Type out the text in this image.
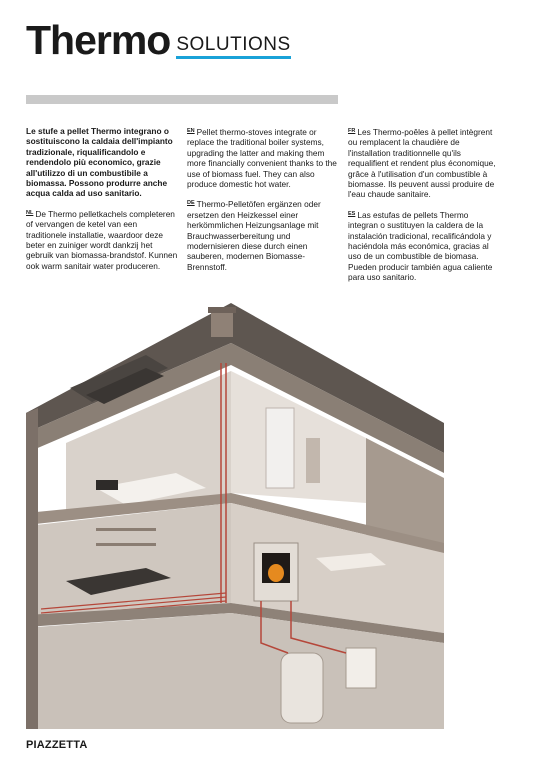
Thermo SOLUTIONS

Le stufe a pellet Thermo integrano o sostituiscono la caldaia dell'impianto tradizionale, riqualificandolo e rendendolo più economico, grazie all'utilizzo di un combustibile a biomassa. Possono produrre anche acqua calda ad uso sanitario.

$^{NL}$ De Thermo pelletkachels completeren of vervangen de ketel van een traditionele installatie, waardoor deze beter en zuiniger wordt dankzij het gebruik van biomassa-brandstof. Kunnen ook warm sanitair water produceren.

$^{EN}$ Pellet thermo-stoves integrate or replace the traditional boiler systems, upgrading the latter and making them more financially convenient thanks to the use of biomass fuel. They can also produce domestic hot water.

$^{DE}$ Thermo-Pelletöfen ergänzen oder ersetzen den Heizkessel einer herkömmlichen Heizungsanlage mit Brauchwasserbereitung und modernisieren diese durch einen sauberen, modernen Biomasse-Brennstoff.

$^{FR}$ Les Thermo-poêles à pellet intègrent ou remplacent la chaudière de l'installation traditionnelle qu'ils requalifient et rendent plus économique, grâce à l'utilisation d'un combustible à biomasse. Ils peuvent aussi produire de l'eau chaude sanitaire.

$^{ES}$ Las estufas de pellets Thermo integran o sustituyen la caldera de la instalación tradicional, recalificándola y haciéndola más económica, gracias al uso de un combustible de biomasa. Pueden producir también agua caliente para uso sanitario.

PIAZZETTA
